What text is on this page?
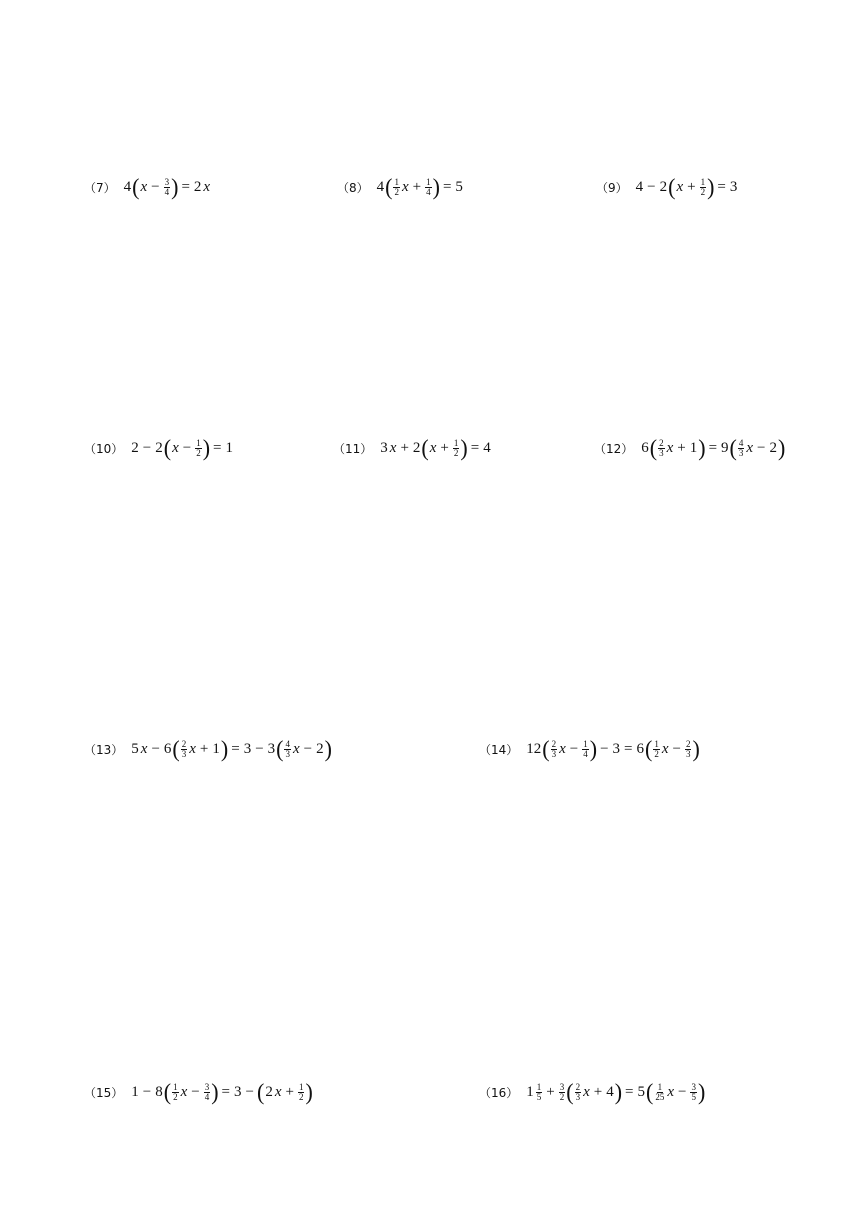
（7） 4 ( $x - \frac{3}{4}$ ) = 2 x	（8） 4 ( $\frac{1}{2}$ $x + \frac{1}{4}$ ) = 5	（9） 4 − 2 ( $x + \frac{1}{2}$ ) = 3
（10） 2 − 2 ( $x - \frac{1}{2}$ ) = 1	（11） 3 x + 2 ( $x + \frac{1}{2}$ ) = 4	（12） 6 ( $\frac{2}{3}$ x + 1 ) = 9 ( $\frac{4}{3}$ x − 2 )
（13） 5 x − 6 ( $\frac{2}{3}$ x + 1 ) = 3 − 3 ( $\frac{4}{3}$ x − 2 )	（14） 12 ( $\frac{2}{3}$ $x - \frac{1}{4}$ ) − 3 = 6 ( $\frac{1}{2}$ $x - \frac{2}{3}$ )
（15） 1 − 8 ( $\frac{1}{2}$ $x - \frac{3}{4}$ ) = 3 − ( 2 $x + \frac{1}{2}$ )	（16） $1 \frac{1}{5} + \frac{3}{2}$ ( $\frac{2}{3}$ x + 4 ) = 5 ( $\frac{1}{25}$ $x - \frac{3}{5}$ )
